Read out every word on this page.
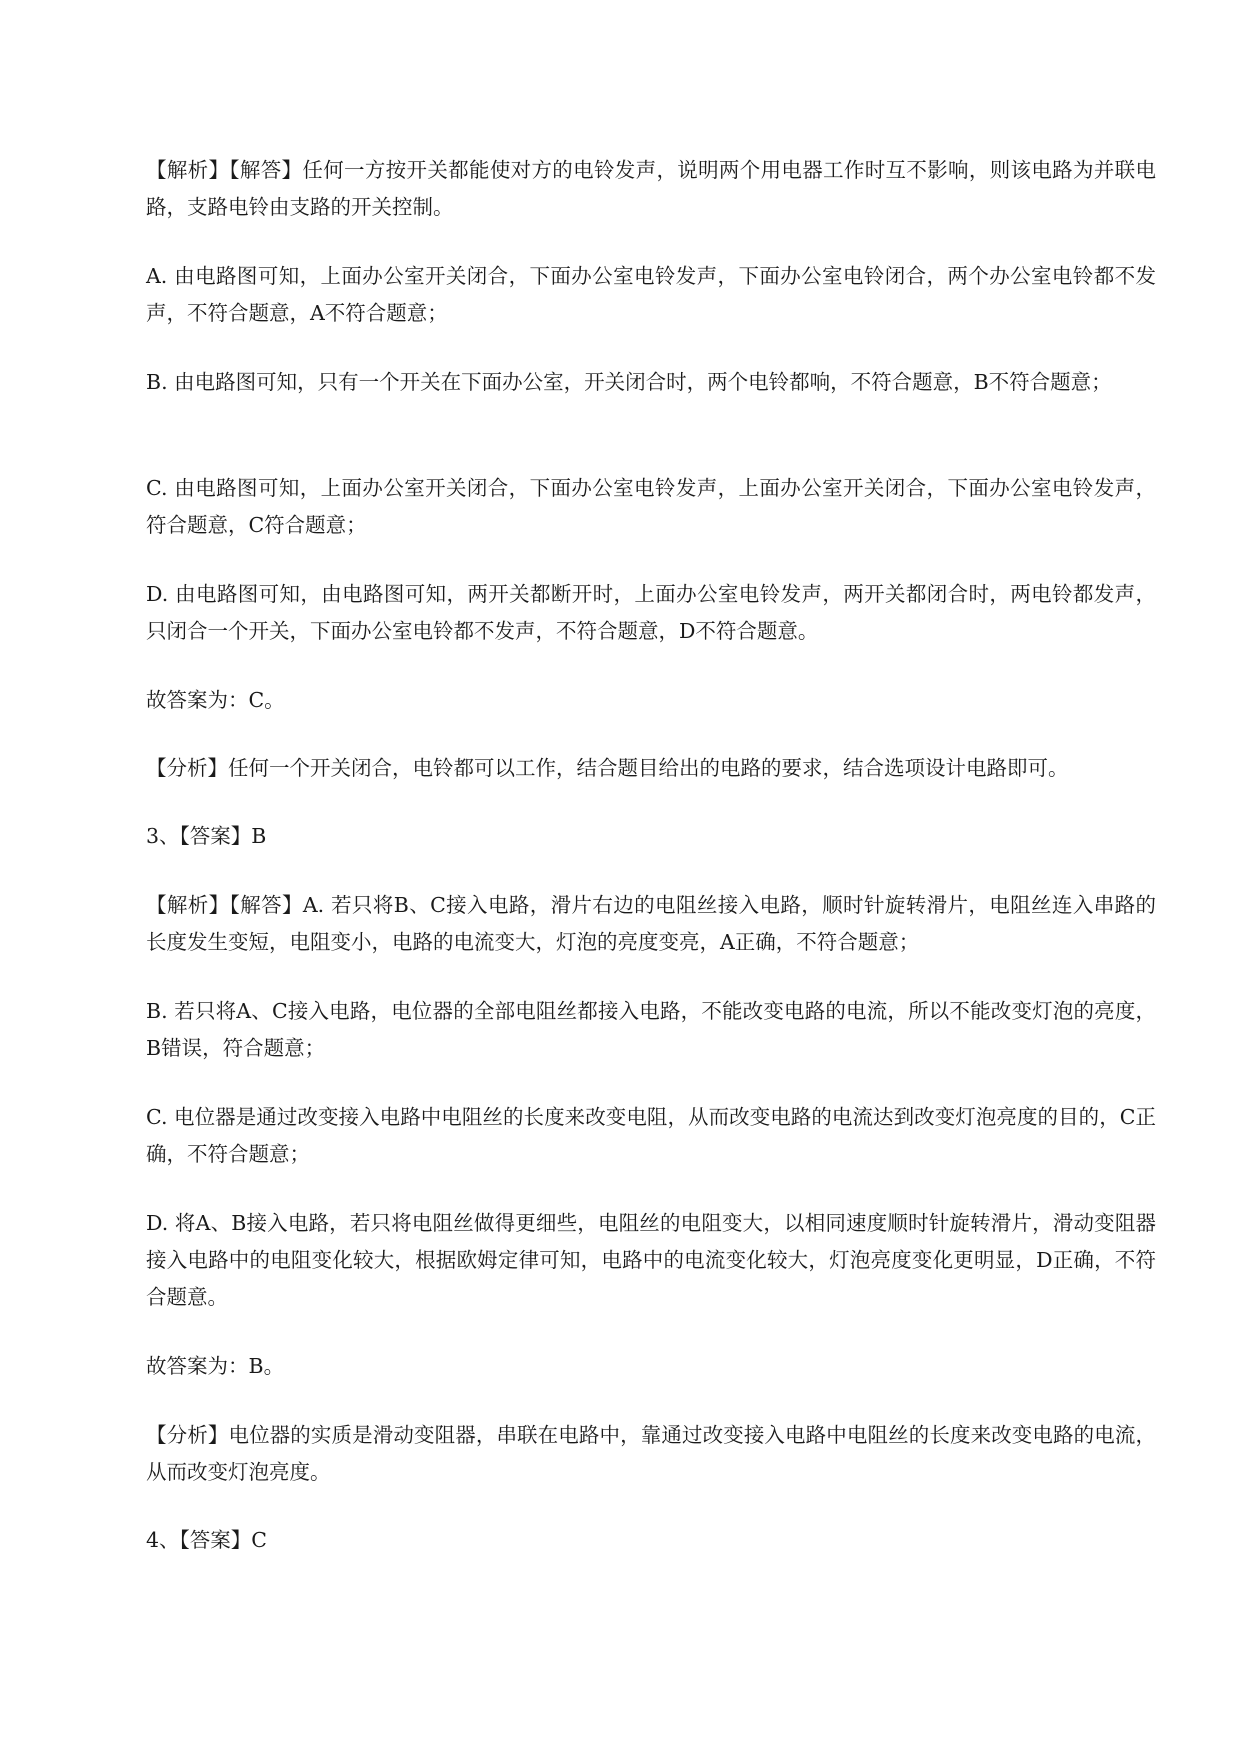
【解析】【解答】任何一方按开关都能使对方的电铃发声，说明两个用电器工作时互不影响，则该电路为并联电路，支路电铃由支路的开关控制。

A. 由电路图可知，上面办公室开关闭合，下面办公室电铃发声，下面办公室电铃闭合，两个办公室电铃都不发声，不符合题意，A不符合题意；

B. 由电路图可知，只有一个开关在下面办公室，开关闭合时，两个电铃都响，不符合题意，B不符合题意；

C. 由电路图可知，上面办公室开关闭合，下面办公室电铃发声，上面办公室开关闭合，下面办公室电铃发声，符合题意，C符合题意；

D. 由电路图可知，由电路图可知，两开关都断开时，上面办公室电铃发声，两开关都闭合时，两电铃都发声，只闭合一个开关，下面办公室电铃都不发声，不符合题意，D不符合题意。

故答案为：C。

【分析】任何一个开关闭合，电铃都可以工作，结合题目给出的电路的要求，结合选项设计电路即可。

3、【答案】B

【解析】【解答】A. 若只将B、C接入电路，滑片右边的电阻丝接入电路，顺时针旋转滑片，电阻丝连入串路的长度发生变短，电阻变小，电路的电流变大，灯泡的亮度变亮，A正确，不符合题意；

B. 若只将A、C接入电路，电位器的全部电阻丝都接入电路，不能改变电路的电流，所以不能改变灯泡的亮度，B错误，符合题意；

C. 电位器是通过改变接入电路中电阻丝的长度来改变电阻，从而改变电路的电流达到改变灯泡亮度的目的，C正确，不符合题意；

D. 将A、B接入电路，若只将电阻丝做得更细些，电阻丝的电阻变大，以相同速度顺时针旋转滑片，滑动变阻器接入电路中的电阻变化较大，根据欧姆定律可知，电路中的电流变化较大，灯泡亮度变化更明显，D正确，不符合题意。

故答案为：B。

【分析】电位器的实质是滑动变阻器，串联在电路中，靠通过改变接入电路中电阻丝的长度来改变电路的电流，从而改变灯泡亮度。

4、【答案】C
